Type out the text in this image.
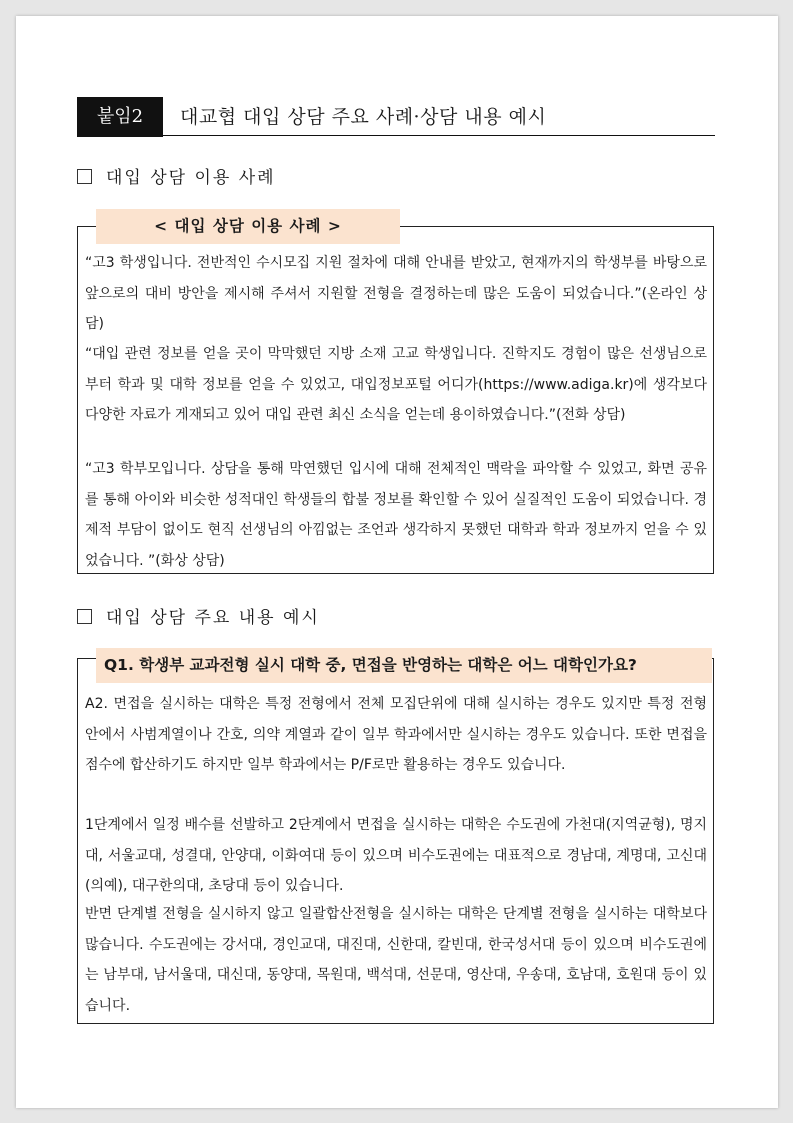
붙임2	대교협 대입 상담 주요 사례·상담 내용 예시
대입 상담 이용 사례
< 대입 상담 이용 사례 >
“고3 학생입니다. 전반적인 수시모집 지원 절차에 대해 안내를 받았고, 현재까지의 학생부를 바탕으로 앞으로의 대비 방안을 제시해 주셔서 지원할 전형을 결정하는데 많은 도움이 되었습니다.”(온라인 상담)
“대입 관련 정보를 얻을 곳이 막막했던 지방 소재 고교 학생입니다. 진학지도 경험이 많은 선생님으로부터 학과 및 대학 정보를 얻을 수 있었고, 대입정보포털 어디가(https://www.adiga.kr)에 생각보다 다양한 자료가 게재되고 있어 대입 관련 최신 소식을 얻는데 용이하였습니다.”(전화 상담)
“고3 학부모입니다. 상담을 통해 막연했던 입시에 대해 전체적인 맥락을 파악할 수 있었고, 화면 공유를 통해 아이와 비슷한 성적대인 학생들의 합불 정보를 확인할 수 있어 실질적인 도움이 되었습니다. 경제적 부담이 없이도 현직 선생님의 아낌없는 조언과 생각하지 못했던 대학과 학과 정보까지 얻을 수 있었습니다. ”(화상 상담)
대입 상담 주요 내용 예시
Q1. 학생부 교과전형 실시 대학 중, 면접을 반영하는 대학은 어느 대학인가요?
A2. 면접을 실시하는 대학은 특정 전형에서 전체 모집단위에 대해 실시하는 경우도 있지만 특정 전형 안에서 사범계열이나 간호, 의약 계열과 같이 일부 학과에서만 실시하는 경우도 있습니다. 또한 면접을 점수에 합산하기도 하지만 일부 학과에서는 P/F로만 활용하는 경우도 있습니다.
1단계에서 일정 배수를 선발하고 2단계에서 면접을 실시하는 대학은 수도권에 가천대(지역균형), 명지대, 서울교대, 성결대, 안양대, 이화여대 등이 있으며 비수도권에는 대표적으로 경남대, 계명대, 고신대(의예), 대구한의대, 초당대 등이 있습니다.
반면 단계별 전형을 실시하지 않고 일괄합산전형을 실시하는 대학은 단계별 전형을 실시하는 대학보다 많습니다. 수도권에는 강서대, 경인교대, 대진대, 신한대, 칼빈대, 한국성서대 등이 있으며 비수도권에는 남부대, 남서울대, 대신대, 동양대, 목원대, 백석대, 선문대, 영산대, 우송대, 호남대, 호원대 등이 있습니다.
